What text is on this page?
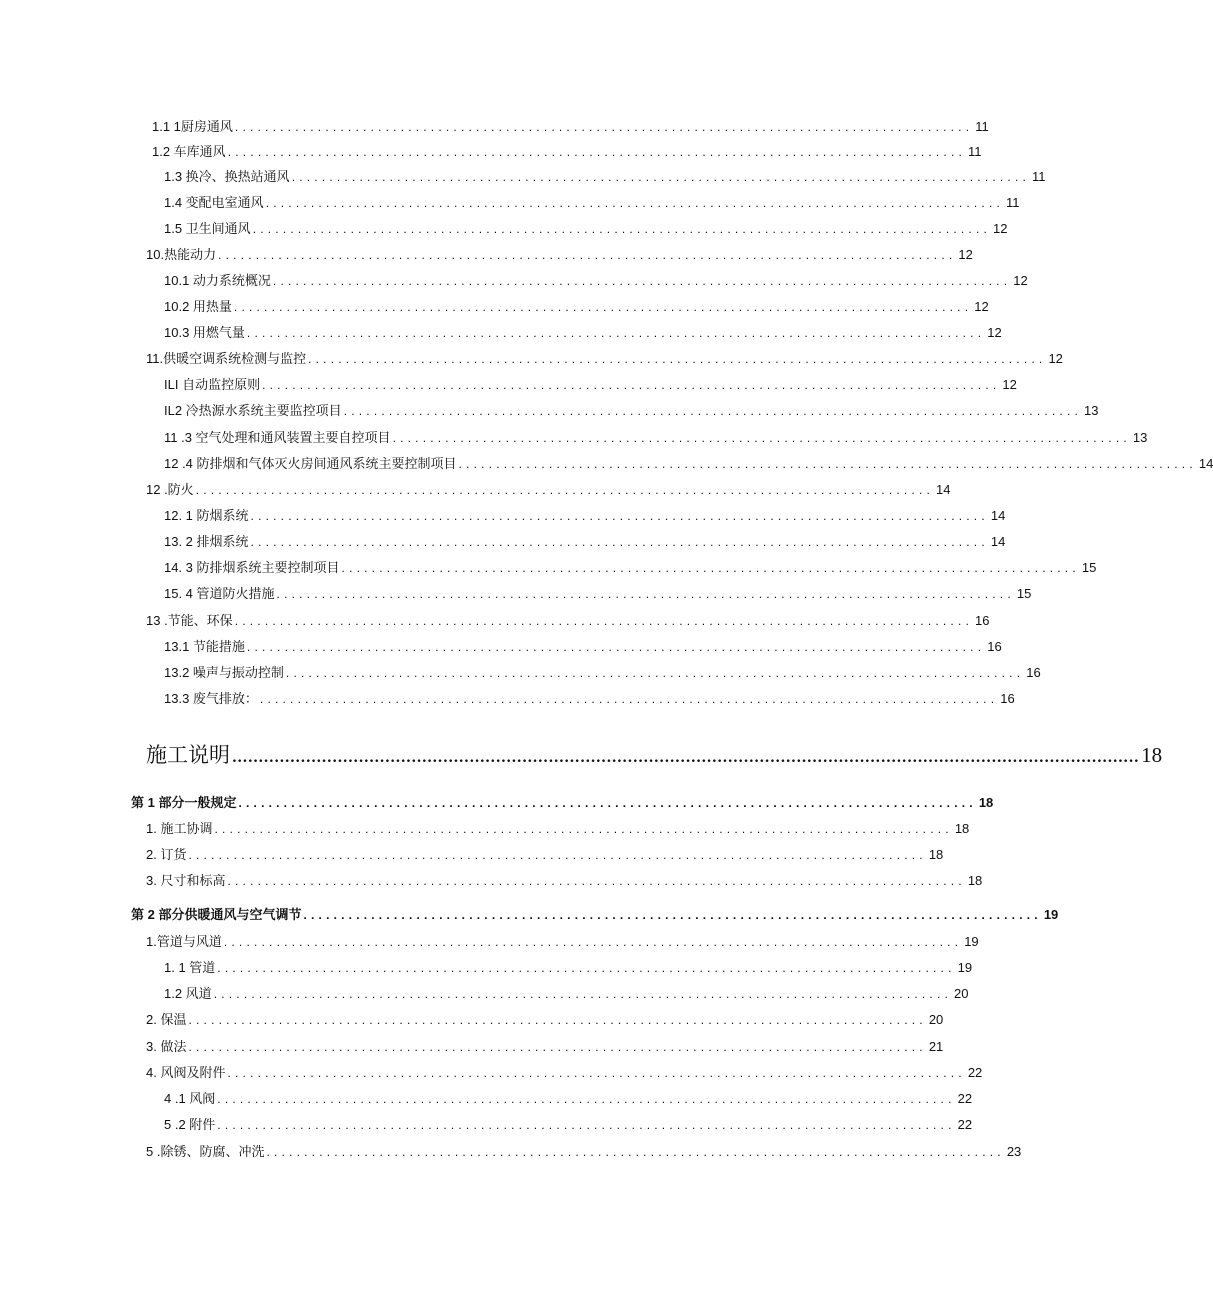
1.1 1厨房通风 .................................................................................................. 11
1.2 车库通风 .................................................................................................. 11
1.3 换冷、换热站通风 .................................................................................................. 11
1.4 变配电室通风 .................................................................................................. 11
1.5 卫生间通风 .................................................................................................. 12
10.热能动力 .................................................................................................. 12
10.1 动力系统概况 .................................................................................................. 12
10.2 用热量 .................................................................................................. 12
10.3 用燃气量 .................................................................................................. 12
11.供暖空调系统检测与监控 .................................................................................................. 12
ILI 自动监控原则 .................................................................................................. 12
IL2 冷热源水系统主要监控项目 .................................................................................................. 13
11 .3 空气处理和通风装置主要自控项目 .................................................................................................. 13
12 .4 防排烟和气体灭火房间通风系统主要控制项目 .................................................................................................. 14
12 .防火 .................................................................................................. 14
12. 1 防烟系统 .................................................................................................. 14
13. 2 排烟系统 .................................................................................................. 14
14. 3 防排烟系统主要控制项目 .................................................................................................. 15
15. 4 管道防火措施 .................................................................................................. 15
13 .节能、环保 .................................................................................................. 16
13.1 节能措施 .................................................................................................. 16
13.2 噪声与振动控制 .................................................................................................. 16
13.3 废气排放： .................................................................................................. 16
施工说明 ............................................................................................................................................................................ 18
第 1 部分一般规定 .................................................................................................. 18
1. 施工协调 .................................................................................................. 18
2. 订货 .................................................................................................. 18
3. 尺寸和标高 .................................................................................................. 18
第 2 部分供暖通风与空气调节 .................................................................................................. 19
1.管道与风道 .................................................................................................. 19
1. 1 管道 .................................................................................................. 19
1.2 风道 .................................................................................................. 20
2. 保温 .................................................................................................. 20
3. 做法 .................................................................................................. 21
4. 风阀及附件 .................................................................................................. 22
4 .1 风阀 .................................................................................................. 22
5 .2 附件 .................................................................................................. 22
5 .除锈、防腐、冲洗 .................................................................................................. 23
